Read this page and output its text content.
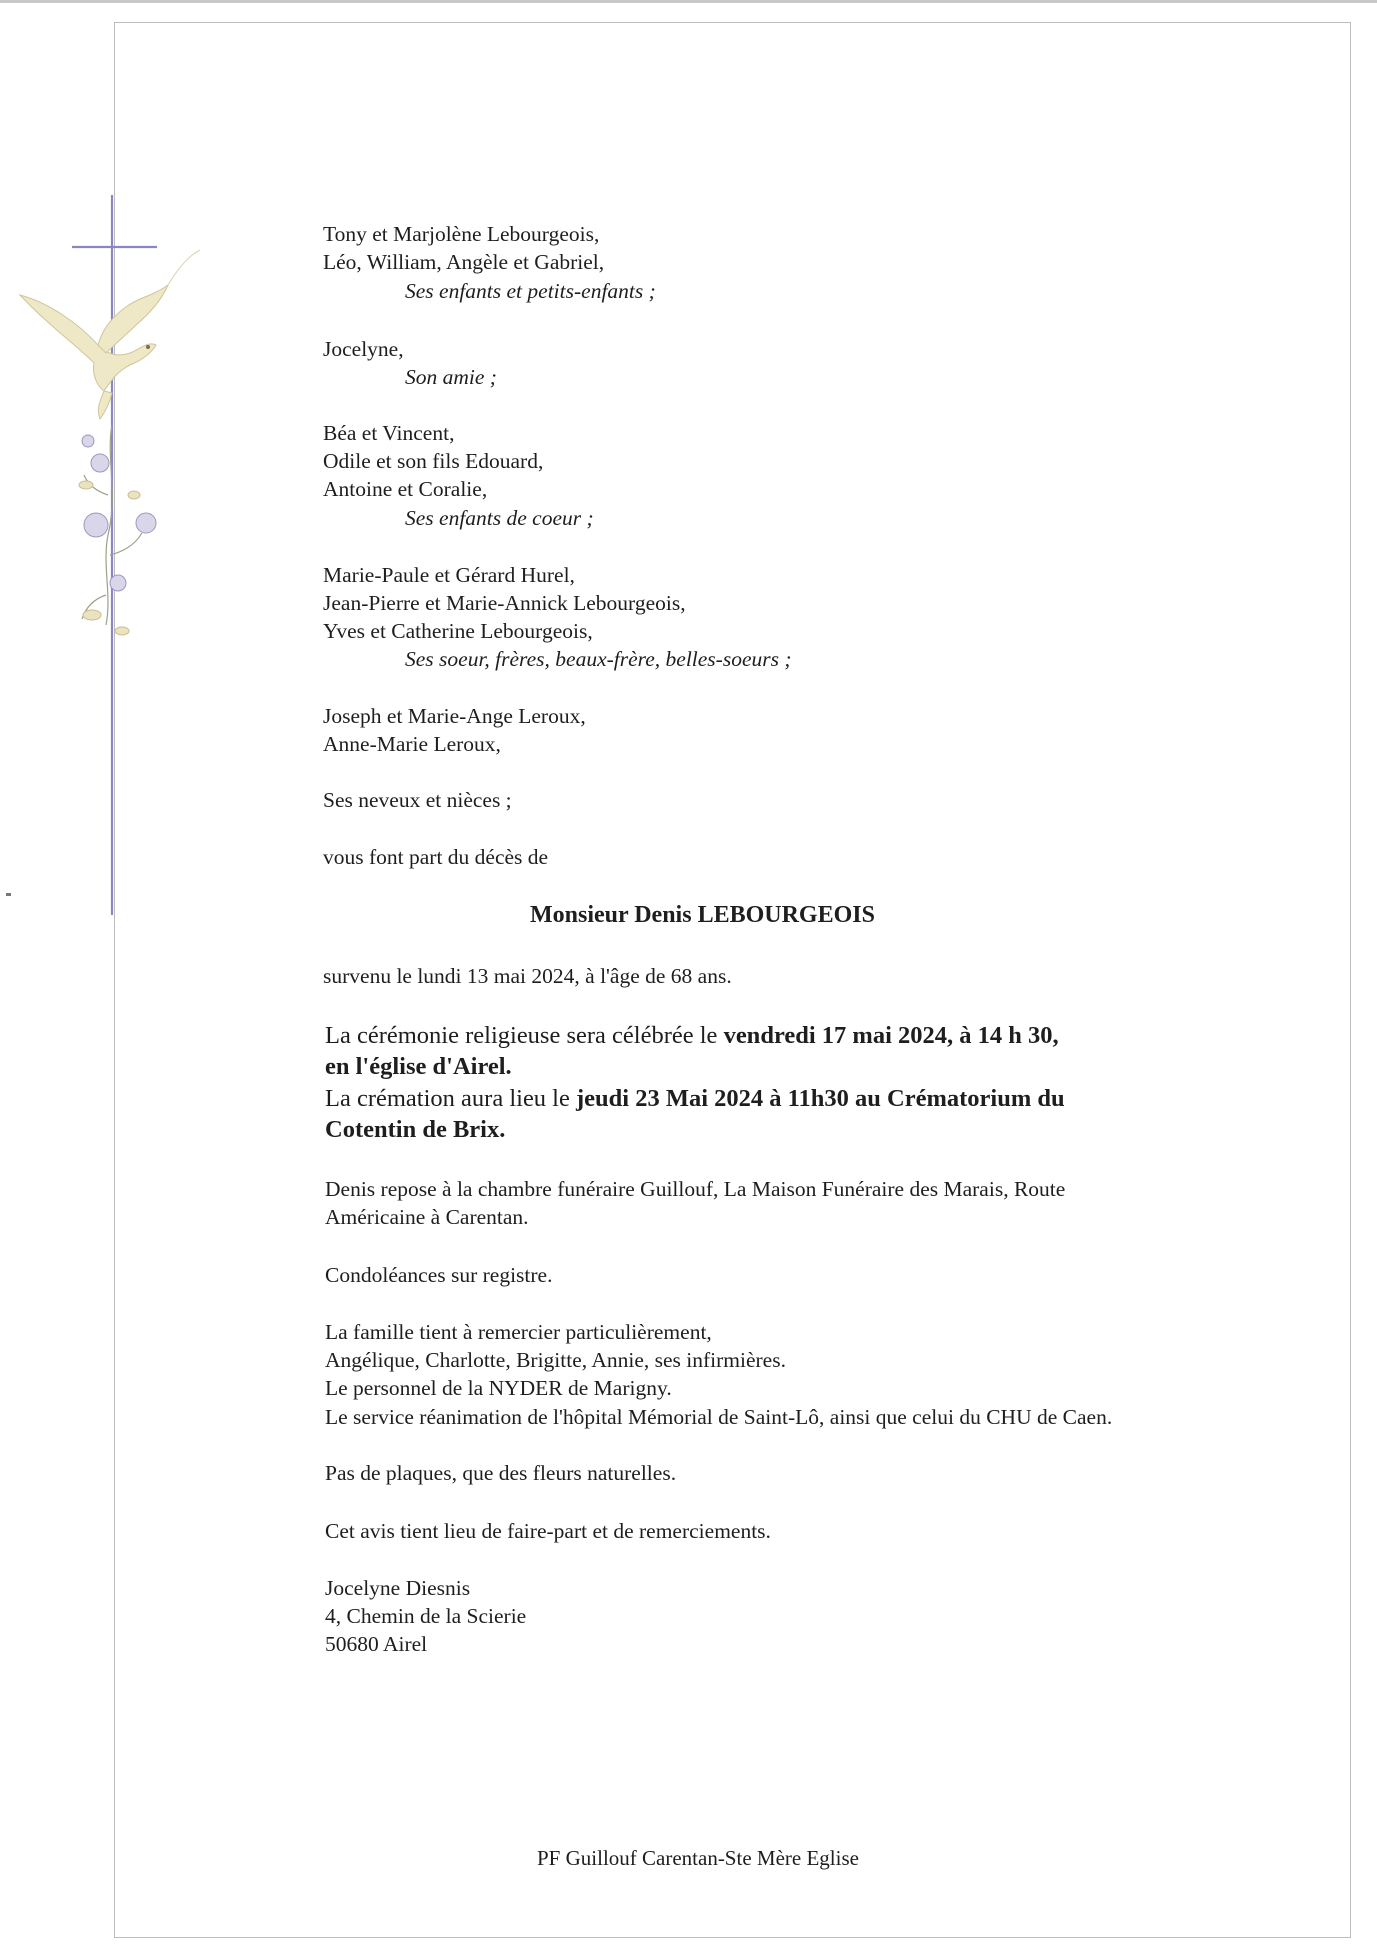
Tony et Marjolène Lebourgeois,
Léo, William, Angèle et Gabriel,
Ses enfants et petits-enfants ;
Jocelyne,
Son amie ;
Béa et Vincent,
Odile et son fils Edouard,
Antoine et Coralie,
Ses enfants de coeur ;
Marie-Paule et Gérard Hurel,
Jean-Pierre et Marie-Annick Lebourgeois,
Yves et Catherine Lebourgeois,
Ses soeur, frères, beaux-frère, belles-soeurs ;
Joseph et Marie-Ange Leroux,
Anne-Marie Leroux,
Ses neveux et nièces ;
vous font part du décès de
Monsieur Denis LEBOURGEOIS
survenu le lundi 13 mai 2024, à l'âge de 68 ans.
La cérémonie religieuse sera célébrée le vendredi 17 mai 2024, à 14 h 30,
en l'église d'Airel.
La crémation aura lieu le jeudi 23 Mai 2024 à 11h30 au Crématorium du
Cotentin de Brix.
Denis repose à la chambre funéraire Guillouf, La Maison Funéraire des Marais, Route
Américaine à Carentan.
Condoléances sur registre.
La famille tient à remercier particulièrement,
Angélique, Charlotte, Brigitte, Annie, ses infirmières.
Le personnel de la NYDER de Marigny.
Le service réanimation de l'hôpital Mémorial de Saint-Lô, ainsi que celui du CHU de Caen.
Pas de plaques, que des fleurs naturelles.
Cet avis tient lieu de faire-part et de remerciements.
Jocelyne Diesnis
4, Chemin de la Scierie
50680 Airel
PF Guillouf Carentan-Ste Mère Eglise
